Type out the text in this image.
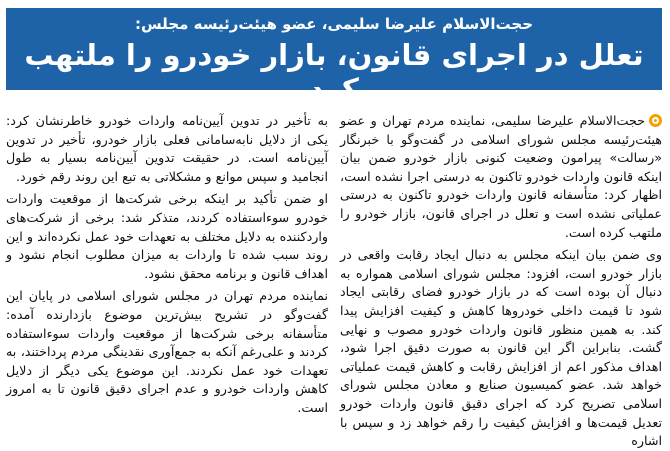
حجت‌الاسلام علیرضا سلیمی، عضو هیئت‌رئیسه مجلس:
تعلل در اجرای قانون، بازار خودرو را ملتهب کرد

حجت‌الاسلام علیرضا سلیمی، نماینده مردم تهران و عضو هیئت‌رئیسه مجلس شورای اسلامی در گفت‌وگو با خبرنگار «رسالت» پیرامون وضعیت کنونی بازار خودرو ضمن بیان اینکه قانون واردات خودرو تاکنون به درستی اجرا نشده است، اظهار کرد: متأسفانه قانون واردات خودرو تاکنون به درستی عملیاتی نشده است و تعلل در اجرای قانون، بازار خودرو را ملتهب کرده است.

وی ضمن بیان اینکه مجلس به دنبال ایجاد رقابت واقعی در بازار خودرو است، افزود: مجلس شورای اسلامی همواره به دنبال آن بوده است که در بازار خودرو فضای رقابتی ایجاد شود تا قیمت داخلی خودروها کاهش و کیفیت افزایش پیدا کند. به همین منظور قانون واردات خودرو مصوب و نهایی گشت. بنابراین اگر این قانون به صورت دقیق اجرا شود، اهداف مذکور اعم از افزایش رقابت و کاهش قیمت عملیاتی خواهد شد. عضو کمیسیون صنایع و معادن مجلس شورای اسلامی تصریح کرد که اجرای دقیق قانون واردات خودرو تعدیل قیمت‌ها و افزایش کیفیت را رقم خواهد زد و سپس با اشاره

به تأخیر در تدوین آیین‌نامه واردات خودرو خاطرنشان کرد: یکی از دلایل نابه‌سامانی فعلی بازار خودرو، تأخیر در تدوین آیین‌نامه است. در حقیقت تدوین آیین‌نامه بسیار به طول انجامید و سپس موانع و مشکلاتی به تبع این روند رقم خورد.

او ضمن تأکید بر اینکه برخی شرکت‌ها از موقعیت واردات خودرو سوءاستفاده کردند، متذکر شد: برخی از شرکت‌های واردکننده به دلایل مختلف به تعهدات خود عمل نکرده‌اند و این روند سبب شده تا واردات به میزان مطلوب انجام نشود و اهداف قانون و برنامه محقق نشود.

نماینده مردم تهران در مجلس شورای اسلامی در پایان این گفت‌وگو در تشریح بیش‌ترین موضوع بازدارنده آمده: متأسفانه برخی شرکت‌ها از موقعیت واردات سوءاستفاده کردند و علی‌رغم آنکه به جمع‌آوری نقدینگی مردم پرداختند، به تعهدات خود عمل نکردند. این موضوع یکی دیگر از دلایل کاهش واردات خودرو و عدم اجرای دقیق قانون تا به امروز است.
